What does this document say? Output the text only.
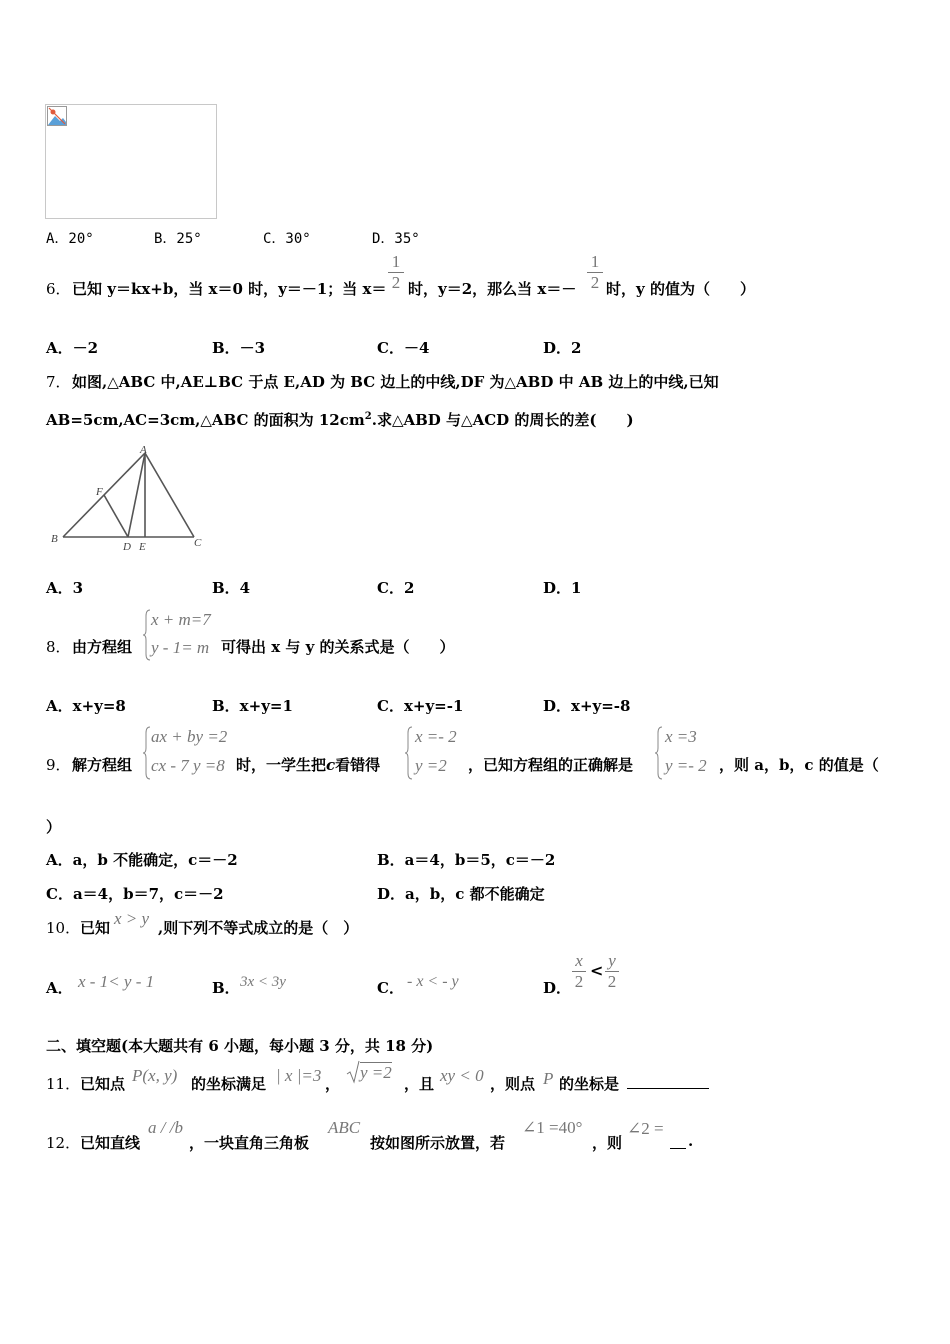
A．20°	B．25°	C．30°	D．35°
6． 已知 y＝kx+b，当 x＝0 时，y＝－1；当 $x= \frac{1}{2}$ 时，y＝2，那么当 $x=- \frac{1}{2}$ 时，y 的值为（　　）
A．－2	B．－3	C．－4	D．2
7． 如图,△ABC 中,AE⊥BC 于点 E,AD 为 BC 边上的中线,DF 为△ABD 中 AB 边上的中线,已知
AB=5cm,AC=3cm,△ABC 的面积为 $12cm^2$.求△ABD 与△ACD 的周长的差(　　)
A
F
B
D E	C
A．3	B．4	C．2	D．1
8． 由方程组
x + m=7
y - 1= m 可得出 x 与 y 的关系式是（　　）
A．x+y=8	B．x+y=1	C．x+y=-1	D．x+y=-8
9． 解方程组
ax + by =2
cx - 7 y =8 时，一学生把c看错得
x =- 2
y =2 ，已知方程组的正确解是
x =3
y =- 2 ，则 a，b，c 的值是（
）
A．a，b 不能确定，c＝－2	B．a＝4，b＝5，c＝－2
C．a＝4，b＝7，c＝－2	D．a，b，c 都不能确定
10． 已知 x > y ,则下列不等式成立的是（　）
A． x - 1< y - 1	B． 3x < 3y	C． - x < - y	D． $\frac{x}{2} < \frac{y}{2}$
二、填空题(本大题共有 6 小题，每小题 3 分，共 18 分)
11． 已知点 P(x, y) 的坐标满足 | x |=3 ，
y =2
，且 xy < 0 ，则点 P 的坐标是
12． 已知直线
a / /b
，一块直角三角板
ABC
按如图所示放置，若
∠1 =40°
，则
∠2 =
.
